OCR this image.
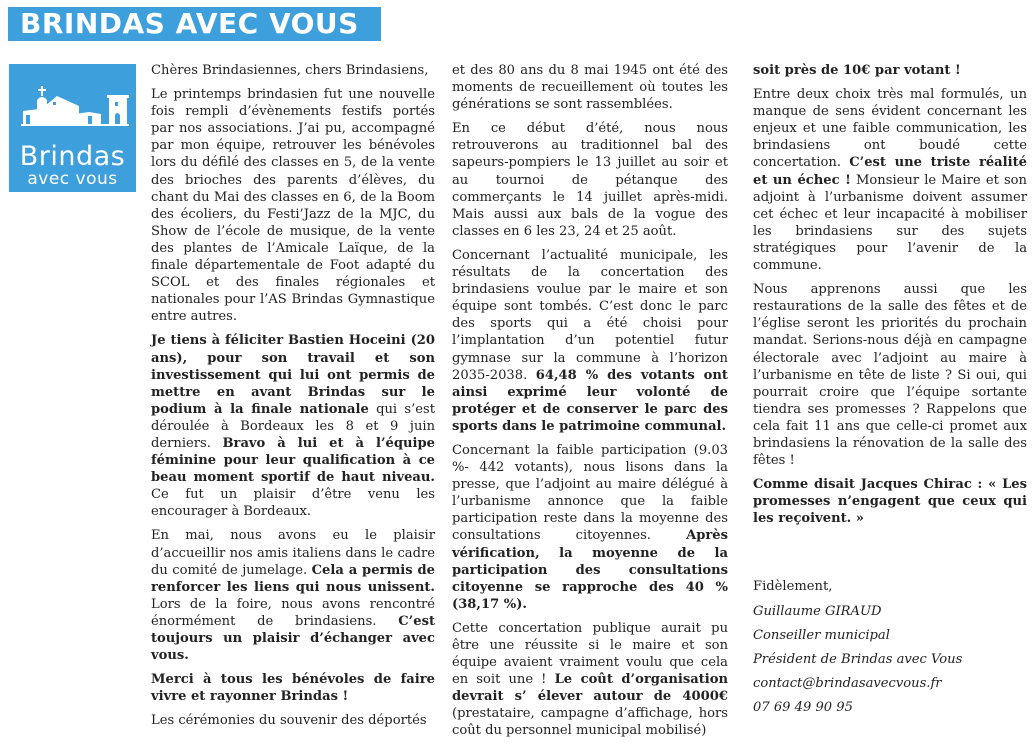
BRINDAS AVEC VOUS
Brindas
avec vous

Chères Brindasiennes, chers Brindasiens,

Le printemps brindasien fut une nouvelle fois rempli d’évènements festifs portés par nos associations. J’ai pu, accompagné par mon équipe, retrouver les bénévoles lors du défilé des classes en 5, de la vente des brioches des parents d’élèves, du chant du Mai des classes en 6, de la Boom des écoliers, du Festi’Jazz de la MJC, du Show de l’école de musique, de la vente des plantes de l’Amicale Laïque, de la finale départementale de Foot adapté du SCOL et des finales régionales et nationales pour l’AS Brindas Gymnastique entre autres.

Je tiens à féliciter Bastien Hoceini (20 ans), pour son travail et son investissement qui lui ont permis de mettre en avant Brindas sur le podium à la finale nationale qui s’est déroulée à Bordeaux les 8 et 9 juin derniers. Bravo à lui et à l’équipe féminine pour leur qualification à ce beau moment sportif de haut niveau. Ce fut un plaisir d’être venu les encourager à Bordeaux.

En mai, nous avons eu le plaisir d’accueillir nos amis italiens dans le cadre du comité de jumelage. Cela a permis de renforcer les liens qui nous unissent. Lors de la foire, nous avons rencontré énormément de brindasiens. C’est toujours un plaisir d’échanger avec vous.

Merci à tous les bénévoles de faire vivre et rayonner Brindas !

Les cérémonies du souvenir des déportés

et des 80 ans du 8 mai 1945 ont été des moments de recueillement où toutes les générations se sont rassemblées.

En ce début d’été, nous nous retrouverons au traditionnel bal des sapeurs-pompiers le 13 juillet au soir et au tournoi de pétanque des commerçants le 14 juillet après-midi. Mais aussi aux bals de la vogue des classes en 6 les 23, 24 et 25 août.

Concernant l’actualité municipale, les résultats de la concertation des brindasiens voulue par le maire et son équipe sont tombés. C’est donc le parc des sports qui a été choisi pour l’implantation d’un potentiel futur gymnase sur la commune à l’horizon 2035-2038. 64,48 % des votants ont ainsi exprimé leur volonté de protéger et de conserver le parc des sports dans le patrimoine communal.

Concernant la faible participation (9.03 %- 442 votants), nous lisons dans la presse, que l’adjoint au maire délégué à l’urbanisme annonce que la faible participation reste dans la moyenne des consultations citoyennes. Après vérification, la moyenne de la participation des consultations citoyenne se rapproche des 40 % (38,17 %).

Cette concertation publique aurait pu être une réussite si le maire et son équipe avaient vraiment voulu que cela en soit une ! Le coût d’organisation devrait s’ élever autour de 4000€ (prestataire, campagne d’affichage, hors coût du personnel municipal mobilisé)

soit près de 10€ par votant !

Entre deux choix très mal formulés, un manque de sens évident concernant les enjeux et une faible communication, les brindasiens ont boudé cette concertation. C’est une triste réalité et un échec ! Monsieur le Maire et son adjoint à l’urbanisme doivent assumer cet échec et leur incapacité à mobiliser les brindasiens sur des sujets stratégiques pour l’avenir de la commune.

Nous apprenons aussi que les restaurations de la salle des fêtes et de l’église seront les priorités du prochain mandat. Serions-nous déjà en campagne électorale avec l’adjoint au maire à l’urbanisme en tête de liste ? Si oui, qui pourrait croire que l’équipe sortante tiendra ses promesses ? Rappelons que cela fait 11 ans que celle-ci promet aux brindasiens la rénovation de la salle des fêtes !

Comme disait Jacques Chirac : « Les promesses n’engagent que ceux qui les reçoivent. »

Fidèlement,

Guillaume GIRAUD

Conseiller municipal

Président de Brindas avec Vous

contact@brindasavecvous.fr

07 69 49 90 95
